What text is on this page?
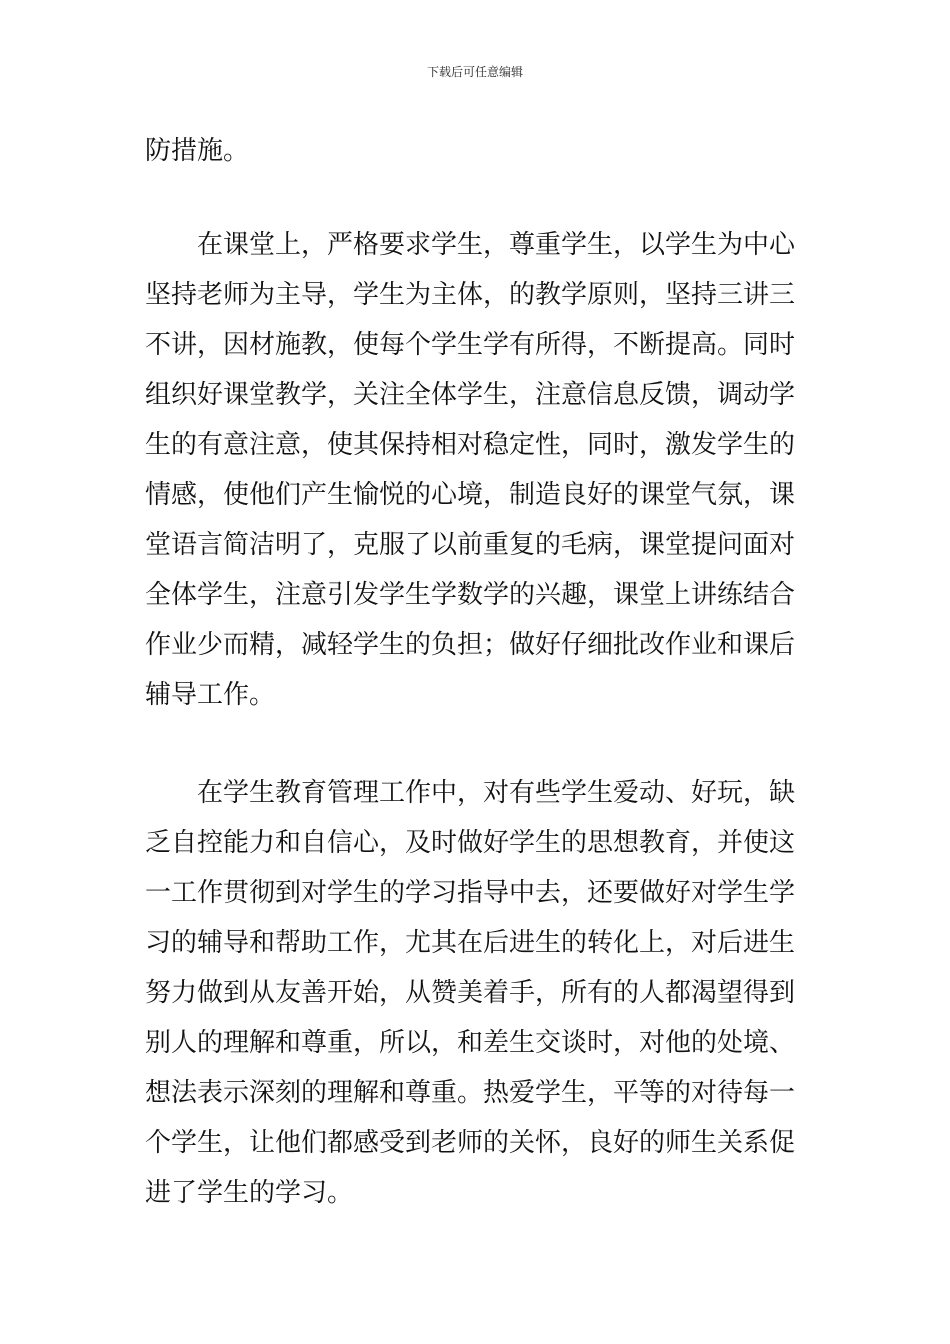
下载后可任意编辑
防措施。
在课堂上，严格要求学生，尊重学生，以学生为中心
坚持老师为主导，学生为主体，的教学原则，坚持三讲三
不讲，因材施教，使每个学生学有所得，不断提高。同时
组织好课堂教学，关注全体学生，注意信息反馈，调动学
生的有意注意，使其保持相对稳定性，同时，激发学生的
情感，使他们产生愉悦的心境，制造良好的课堂气氛，课
堂语言简洁明了，克服了以前重复的毛病，课堂提问面对
全体学生，注意引发学生学数学的兴趣，课堂上讲练结合
作业少而精，减轻学生的负担；做好仔细批改作业和课后
辅导工作。
在学生教育管理工作中，对有些学生爱动、好玩，缺
乏自控能力和自信心，及时做好学生的思想教育，并使这
一工作贯彻到对学生的学习指导中去，还要做好对学生学
习的辅导和帮助工作，尤其在后进生的转化上，对后进生
努力做到从友善开始，从赞美着手，所有的人都渴望得到
别人的理解和尊重，所以，和差生交谈时，对他的处境、
想法表示深刻的理解和尊重。热爱学生，平等的对待每一
个学生，让他们都感受到老师的关怀，良好的师生关系促
进了学生的学习。
